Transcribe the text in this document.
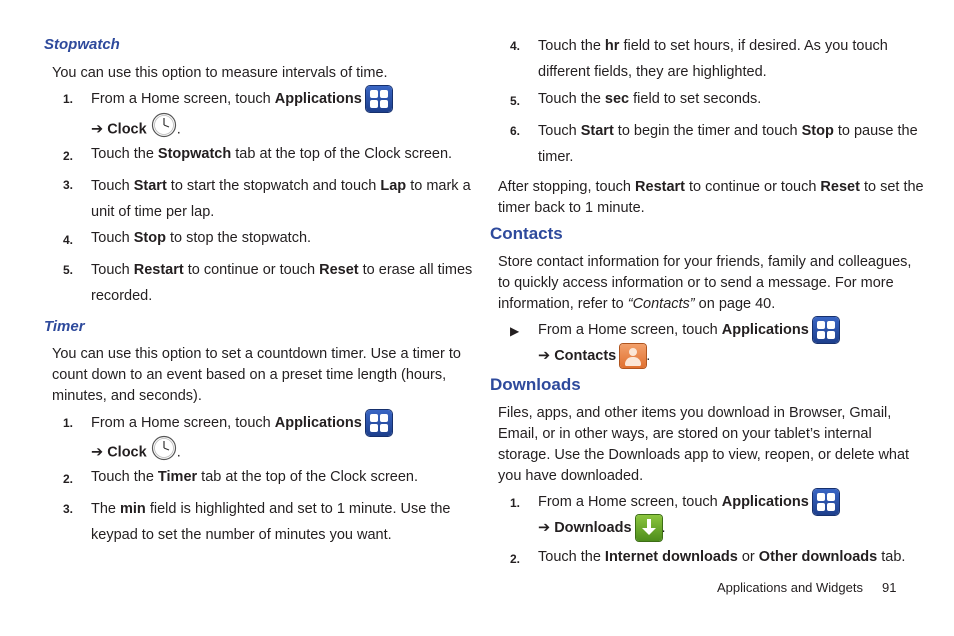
Stopwatch
You can use this option to measure intervals of time.
1. From a Home screen, touch Applications
➔ Clock .
2. Touch the Stopwatch tab at the top of the Clock screen.
3. Touch Start to start the stopwatch and touch Lap to mark a
unit of time per lap.
4. Touch Stop to stop the stopwatch.
5. Touch Restart to continue or touch Reset to erase all times
recorded.
Timer
You can use this option to set a countdown timer. Use a timer to
count down to an event based on a preset time length (hours,
minutes, and seconds).
1. From a Home screen, touch Applications
➔ Clock .
2. Touch the Timer tab at the top of the Clock screen.
3. The min field is highlighted and set to 1 minute. Use the
keypad to set the number of minutes you want.
4. Touch the hr field to set hours, if desired. As you touch
different fields, they are highlighted.
5. Touch the sec field to set seconds.
6. Touch Start to begin the timer and touch Stop to pause the
timer.
After stopping, touch Restart to continue or touch Reset to set the
timer back to 1 minute.
Contacts
Store contact information for your friends, family and colleagues,
to quickly access information or to send a message. For more
information, refer to “Contacts” on page 40.
▶ From a Home screen, touch Applications
➔ Contacts .
Downloads
Files, apps, and other items you download in Browser, Gmail,
Email, or in other ways, are stored on your tablet’s internal
storage. Use the Downloads app to view, reopen, or delete what
you have downloaded.
1. From a Home screen, touch Applications
➔ Downloads .
2. Touch the Internet downloads or Other downloads tab.
Applications and Widgets 91
